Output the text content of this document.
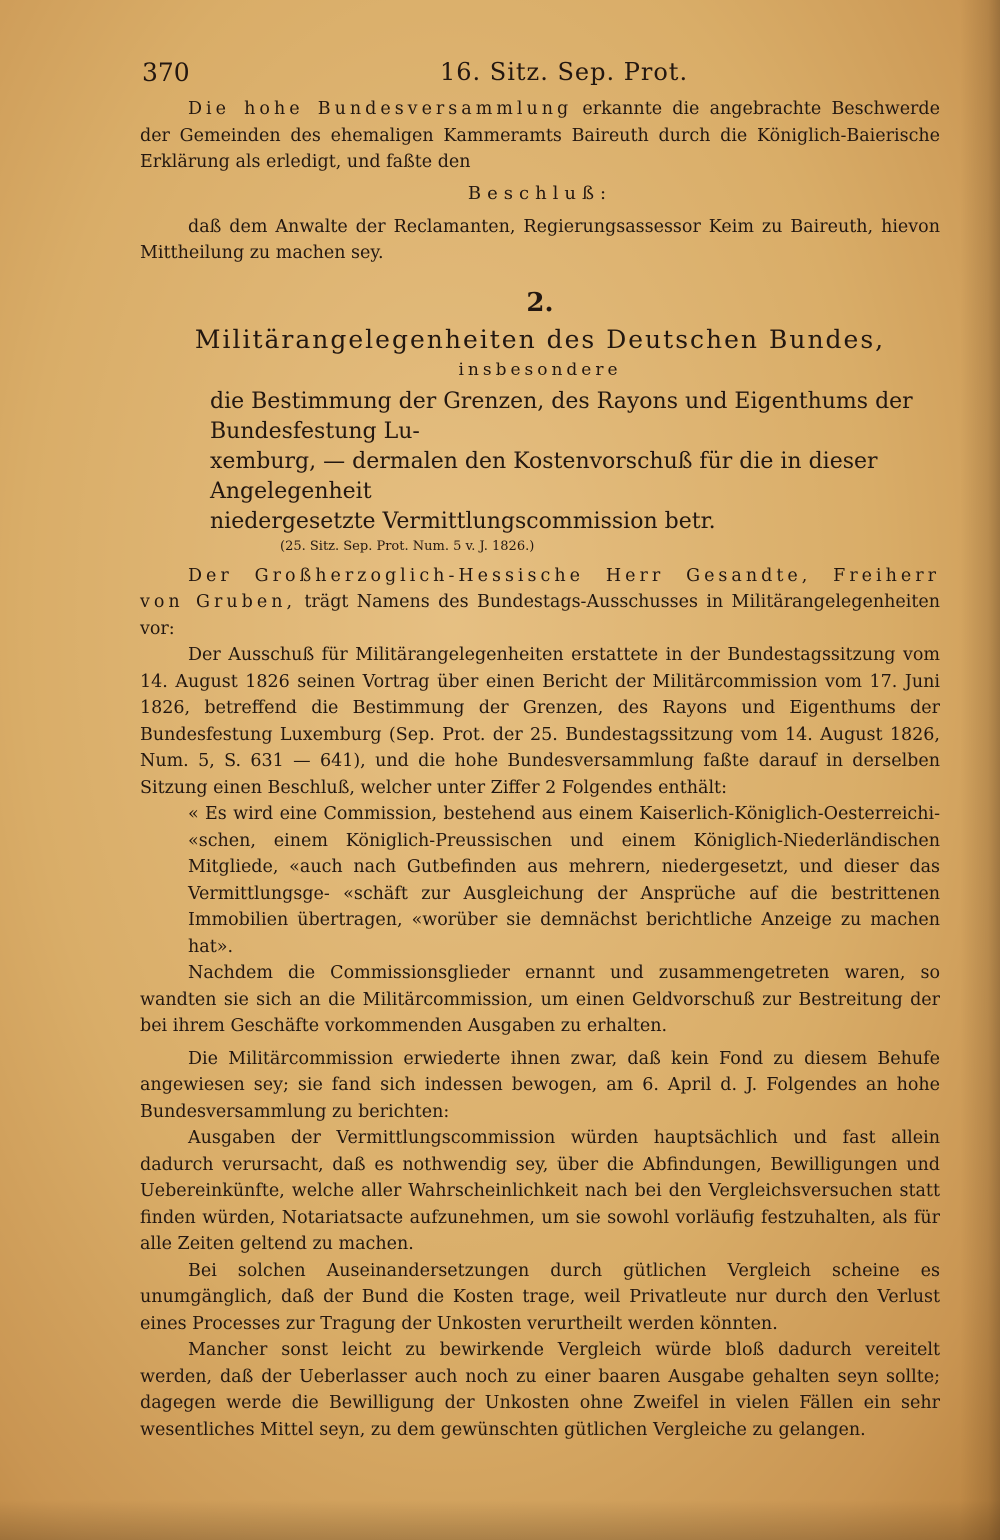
370	16. Sitz. Sep. Prot.

Die hohe Bundesversammlung erkannte die angebrachte Beschwerde der Gemeinden des ehemaligen Kammeramts Baireuth durch die Königlich-Baierische Erklärung als erledigt, und faßte den

Beschluß:

daß dem Anwalte der Reclamanten, Regierungsassessor Keim zu Baireuth, hievon Mittheilung zu machen sey.

2.
Militärangelegenheiten des Deutschen Bundes,
insbesondere
die Bestimmung der Grenzen, des Rayons und Eigenthums der Bundesfestung Lu-
xemburg, — dermalen den Kostenvorschuß für die in dieser Angelegenheit
niedergesetzte Vermittlungscommission betr.
(25. Sitz. Sep. Prot. Num. 5 v. J. 1826.)

Der Großherzoglich-Hessische Herr Gesandte, Freiherr von Gruben, trägt Namens des Bundestags-Ausschusses in Militärangelegenheiten vor:

Der Ausschuß für Militärangelegenheiten erstattete in der Bundestagssitzung vom 14. August 1826 seinen Vortrag über einen Bericht der Militärcommission vom 17. Juni 1826, betreffend die Bestimmung der Grenzen, des Rayons und Eigenthums der Bundesfestung Luxemburg (Sep. Prot. der 25. Bundestagssitzung vom 14. August 1826, Num. 5, S. 631 — 641), und die hohe Bundesversammlung faßte darauf in derselben Sitzung einen Beschluß, welcher unter Ziffer 2 Folgendes enthält:

« Es wird eine Commission, bestehend aus einem Kaiserlich-Königlich-Oesterreichi- «schen, einem Königlich-Preussischen und einem Königlich-Niederländischen Mitgliede, «auch nach Gutbefinden aus mehrern, niedergesetzt, und dieser das Vermittlungsge- «schäft zur Ausgleichung der Ansprüche auf die bestrittenen Immobilien übertragen, «worüber sie demnächst berichtliche Anzeige zu machen hat».

Nachdem die Commissionsglieder ernannt und zusammengetreten waren, so wandten sie sich an die Militärcommission, um einen Geldvorschuß zur Bestreitung der bei ihrem Geschäfte vorkommenden Ausgaben zu erhalten.

Die Militärcommission erwiederte ihnen zwar, daß kein Fond zu diesem Behufe angewiesen sey; sie fand sich indessen bewogen, am 6. April d. J. Folgendes an hohe Bundesversammlung zu berichten:

Ausgaben der Vermittlungscommission würden hauptsächlich und fast allein dadurch verursacht, daß es nothwendig sey, über die Abfindungen, Bewilligungen und Uebereinkünfte, welche aller Wahrscheinlichkeit nach bei den Vergleichsversuchen statt finden würden, Notariatsacte aufzunehmen, um sie sowohl vorläufig festzuhalten, als für alle Zeiten geltend zu machen.

Bei solchen Auseinandersetzungen durch gütlichen Vergleich scheine es unumgänglich, daß der Bund die Kosten trage, weil Privatleute nur durch den Verlust eines Processes zur Tragung der Unkosten verurtheilt werden könnten.

Mancher sonst leicht zu bewirkende Vergleich würde bloß dadurch vereitelt werden, daß der Ueberlasser auch noch zu einer baaren Ausgabe gehalten seyn sollte; dagegen werde die Bewilligung der Unkosten ohne Zweifel in vielen Fällen ein sehr wesentliches Mittel seyn, zu dem gewünschten gütlichen Vergleiche zu gelangen.
